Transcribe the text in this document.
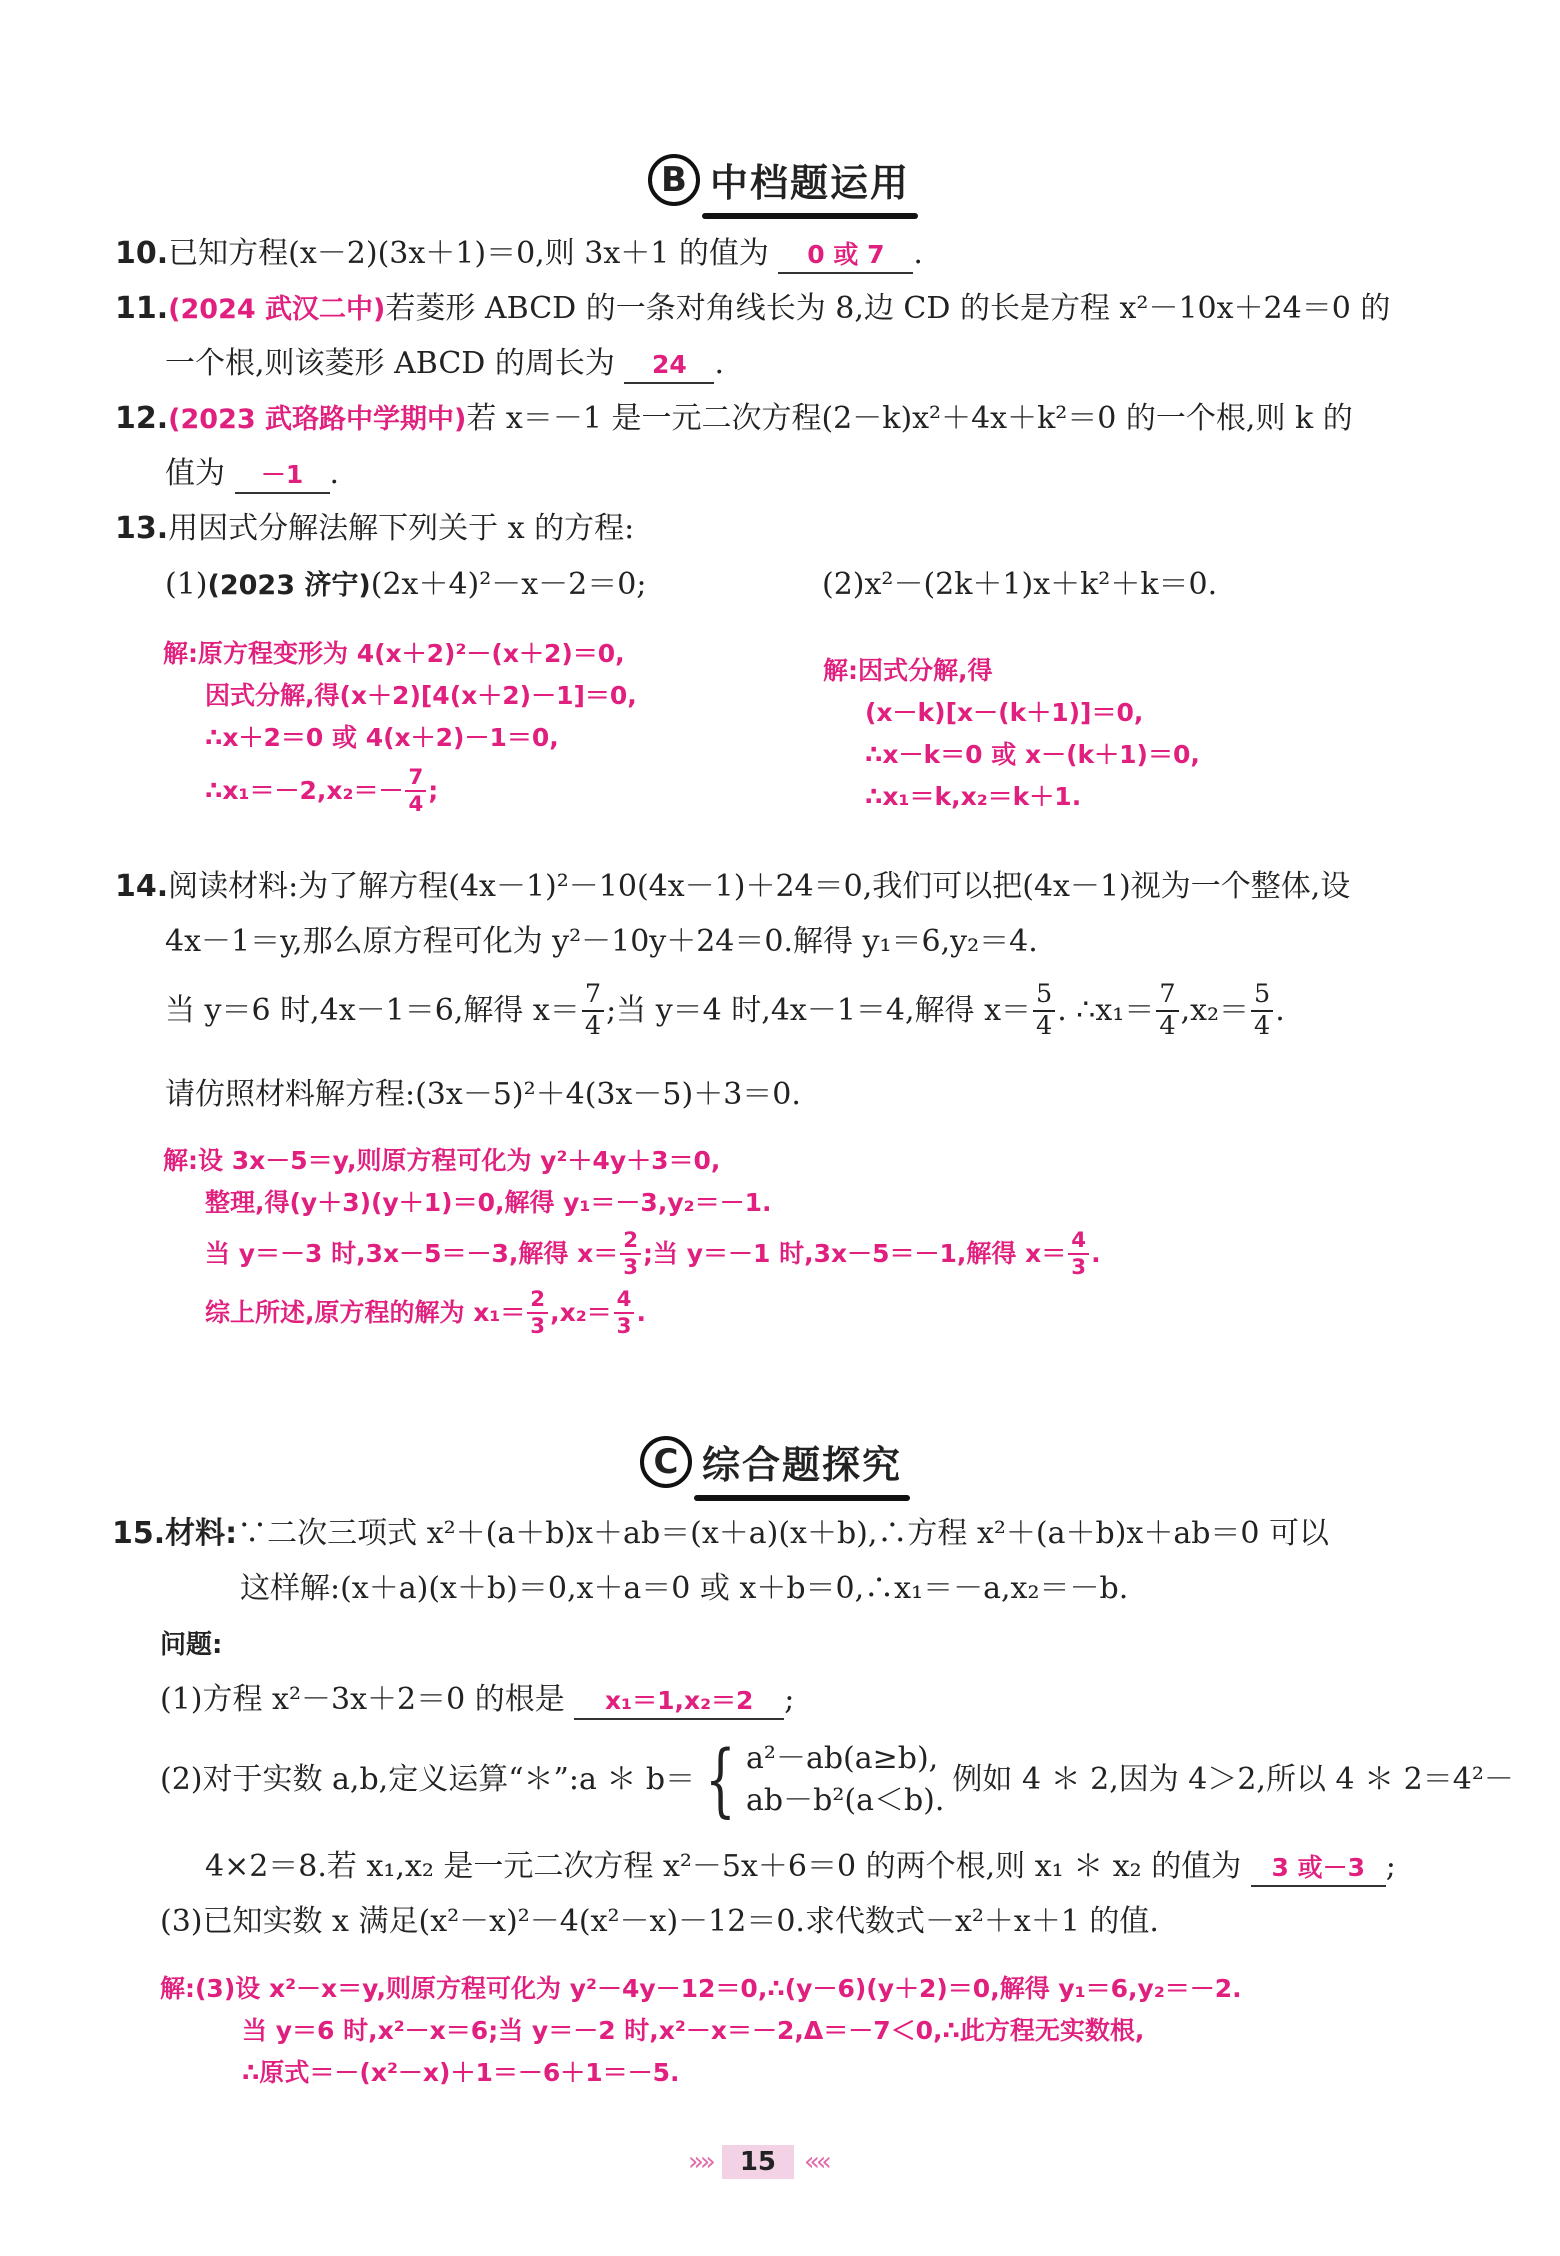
B 中档题运用
10.已知方程(x－2)(3x＋1)＝0,则 3x＋1 的值为 0 或 7 .
11.(2024 武汉二中)若菱形 ABCD 的一条对角线长为 8,边 CD 的长是方程 x²－10x＋24＝0 的
一个根,则该菱形 ABCD 的周长为 24 .
12.(2023 武珞路中学期中)若 x＝－1 是一元二次方程(2－k)x²＋4x＋k²＝0 的一个根,则 k 的
值为 －1 .
13.用因式分解法解下列关于 x 的方程:
(1)(2023 济宁)(2x＋4)²－x－2＝0;	(2)x²－(2k＋1)x＋k²＋k＝0.
解:原方程变形为 4(x＋2)²－(x＋2)＝0,
因式分解,得(x＋2)[4(x＋2)－1]＝0,
∴x＋2＝0 或 4(x＋2)－1＝0,
∴x₁＝－2,x₂＝－ $\frac{7}{4}$ ;
解:因式分解,得
(x－k)[x－(k＋1)]＝0,
∴x－k＝0 或 x－(k＋1)＝0,
∴x₁＝k,x₂＝k＋1.
14.阅读材料:为了解方程(4x－1)²－10(4x－1)＋24＝0,我们可以把(4x－1)视为一个整体,设
4x－1＝y,那么原方程可化为 y²－10y＋24＝0.解得 y₁＝6,y₂＝4.
当 y＝6 时,4x－1＝6,解得 $x= \frac{7}{4}$ ;当 y＝4 时,4x－1＝4,解得 $x= \frac{5}{4}$ . ∴x₁＝ $\frac{7}{4} ,x_2= \frac{5}{4}$ .
请仿照材料解方程:(3x－5)²＋4(3x－5)＋3＝0.
解:设 3x－5＝y,则原方程可化为 y²＋4y＋3＝0,
整理,得(y＋3)(y＋1)＝0,解得 y₁＝－3,y₂＝－1.
当 y＝－3 时,3x－5＝－3,解得 $x= \frac{2}{3}$ ;当 y＝－1 时,3x－5＝－1,解得 $x= \frac{4}{3}$ .
综上所述,原方程的解为 $x_1= \frac{2}{3} ,x_2= \frac{4}{3}$ .
C 综合题探究
15.材料:∵二次三项式 x²＋(a＋b)x＋ab＝(x＋a)(x＋b),∴方程 x²＋(a＋b)x＋ab＝0 可以
这样解:(x＋a)(x＋b)＝0,x＋a＝0 或 x＋b＝0,∴x₁＝－a,x₂＝－b.
问题:
(1)方程 x²－3x＋2＝0 的根是 x₁＝1,x₂＝2 ;
(2)对于实数 a,b,定义运算“＊”:a ＊ b＝ { a²－ab(a≥b),
ab－b²(a＜b).
例如 4 ＊ 2,因为 4＞2,所以 4 ＊ 2＝4²－
4×2＝8.若 x₁,x₂ 是一元二次方程 x²－5x＋6＝0 的两个根,则 x₁ ＊ x₂ 的值为 3 或－3 ;
(3)已知实数 x 满足(x²－x)²－4(x²－x)－12＝0.求代数式－x²＋x＋1 的值.
解:(3)设 x²－x＝y,则原方程可化为 y²－4y－12＝0,∴(y－6)(y＋2)＝0,解得 y₁＝6,y₂＝－2.
当 y＝6 时,x²－x＝6;当 y＝－2 时,x²－x＝－2,Δ＝－7＜0,∴此方程无实数根,
∴原式＝－(x²－x)＋1＝－6＋1＝－5.
»»	15	««
